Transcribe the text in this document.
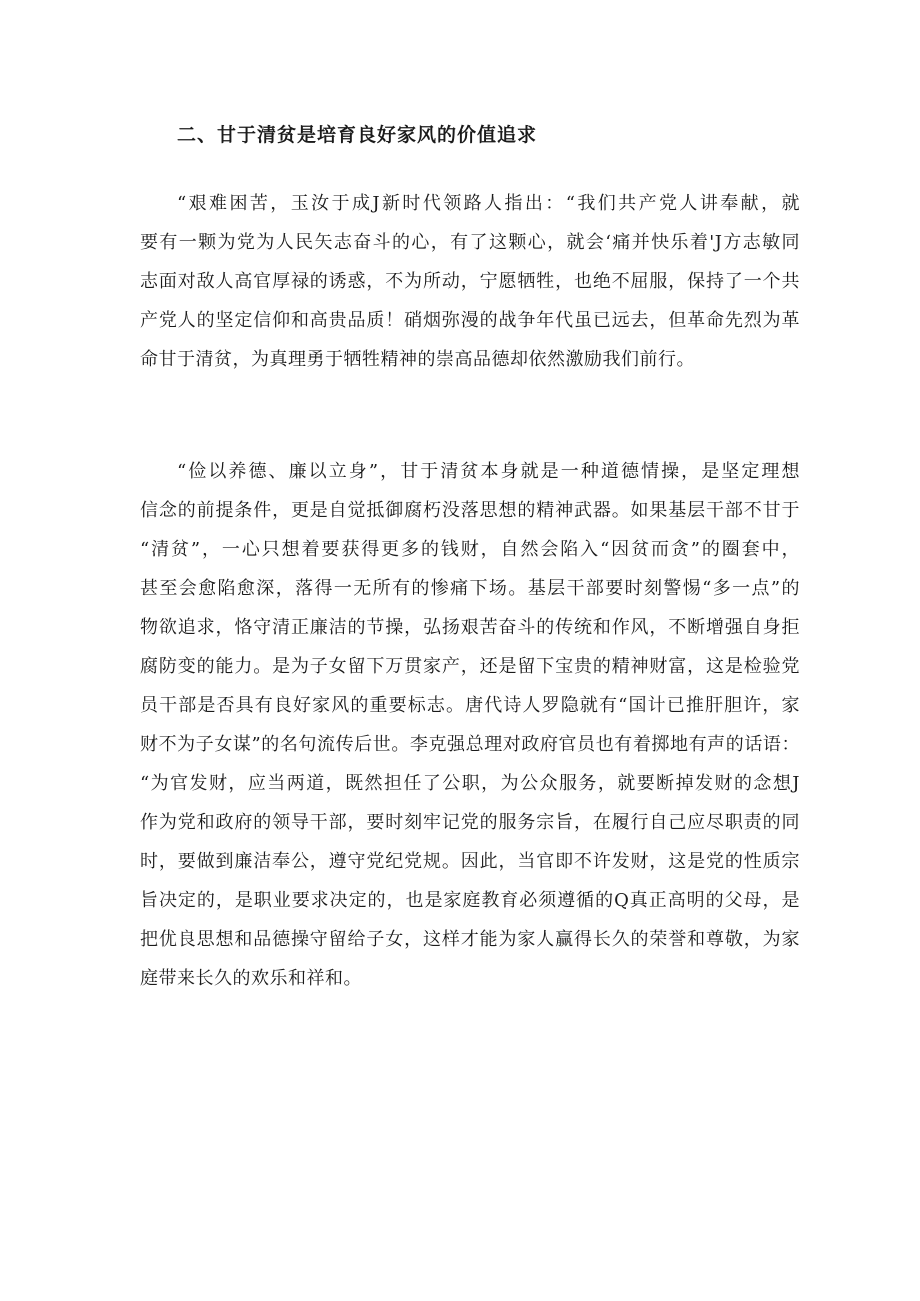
二、甘于清贫是培育良好家风的价值追求
“艰难困苦，玉汝于成J新时代领路人指出：“我们共产党人讲奉献，就
要有一颗为党为人民矢志奋斗的心，有了这颗心，就会‘痛并快乐着'J方志敏同
志面对敌人高官厚禄的诱惑，不为所动，宁愿牺牲，也绝不屈服，保持了一个共
产党人的坚定信仰和高贵品质！硝烟弥漫的战争年代虽已远去，但革命先烈为革
命甘于清贫，为真理勇于牺牲精神的崇高品德却依然激励我们前行。
“俭以养德、廉以立身”，甘于清贫本身就是一种道德情操，是坚定理想
信念的前提条件，更是自觉抵御腐朽没落思想的精神武器。如果基层干部不甘于
“清贫”，一心只想着要获得更多的钱财，自然会陷入“因贫而贪”的圈套中，
甚至会愈陷愈深，落得一无所有的惨痛下场。基层干部要时刻警惕“多一点”的
物欲追求，恪守清正廉洁的节操，弘扬艰苦奋斗的传统和作风，不断增强自身拒
腐防变的能力。是为子女留下万贯家产，还是留下宝贵的精神财富，这是检验党
员干部是否具有良好家风的重要标志。唐代诗人罗隐就有“国计已推肝胆许，家
财不为子女谋”的名句流传后世。李克强总理对政府官员也有着掷地有声的话语：
“为官发财，应当两道，既然担任了公职，为公众服务，就要断掉发财的念想J
作为党和政府的领导干部，要时刻牢记党的服务宗旨，在履行自己应尽职责的同
时，要做到廉洁奉公，遵守党纪党规。因此，当官即不许发财，这是党的性质宗
旨决定的，是职业要求决定的，也是家庭教育必须遵循的Q真正高明的父母，是
把优良思想和品德操守留给子女，这样才能为家人赢得长久的荣誉和尊敬，为家
庭带来长久的欢乐和祥和。
